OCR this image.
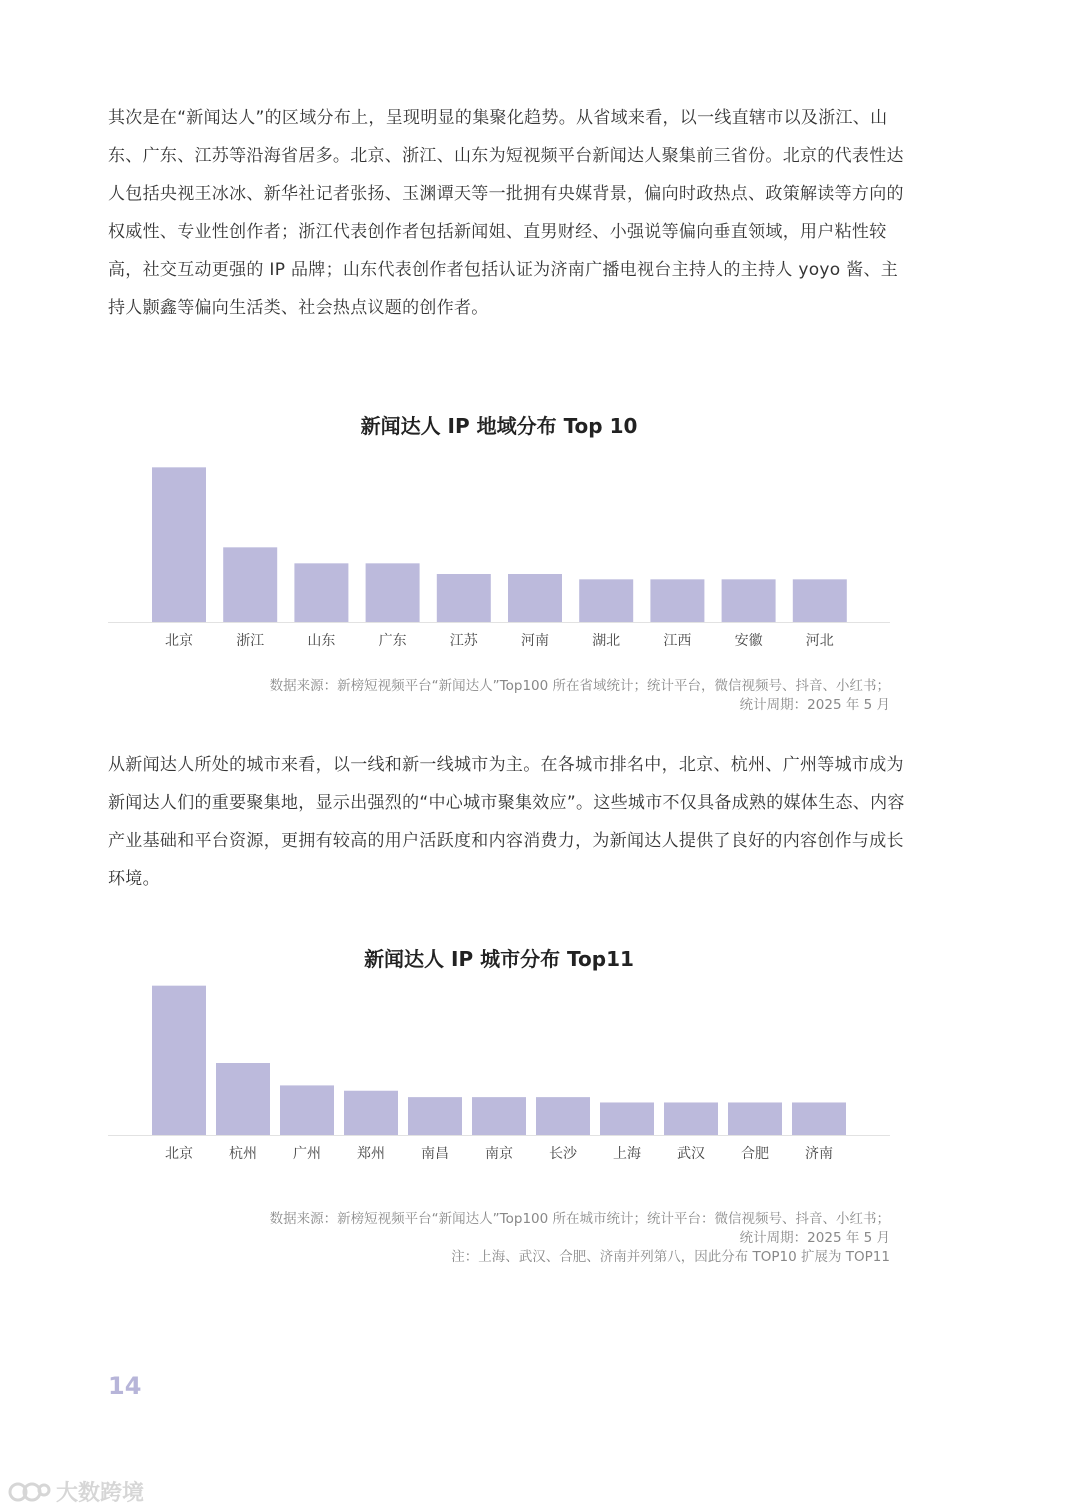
其次是在“新闻达人”的区域分布上，呈现明显的集聚化趋势。从省域来看，以一线直辖市以及浙江、山东、广东、江苏等沿海省居多。北京、浙江、山东为短视频平台新闻达人聚集前三省份。北京的代表性达人包括央视王冰冰、新华社记者张扬、玉渊谭天等一批拥有央媒背景，偏向时政热点、政策解读等方向的权威性、专业性创作者；浙江代表创作者包括新闻姐、直男财经、小强说等偏向垂直领域，用户粘性较高，社交互动更强的 IP 品牌；山东代表创作者包括认证为济南广播电视台主持人的主持人 yoyo 酱、主持人颢鑫等偏向生活类、社会热点议题的创作者。

新闻达人 IP 地域分布 Top 10
北京	浙江	山东	广东	江苏	河南	湖北	江西	安徽	河北
数据来源：新榜短视频平台“新闻达人”Top100 所在省域统计；统计平台，微信视频号、抖音、小红书；
统计周期：2025 年 5 月

从新闻达人所处的城市来看，以一线和新一线城市为主。在各城市排名中，北京、杭州、广州等城市成为新闻达人们的重要聚集地，显示出强烈的“中心城市聚集效应”。这些城市不仅具备成熟的媒体生态、内容产业基础和平台资源，更拥有较高的用户活跃度和内容消费力，为新闻达人提供了良好的内容创作与成长环境。

新闻达人 IP 城市分布 Top11
北京	杭州	广州	郑州	南昌	南京	长沙	上海	武汉	合肥	济南
数据来源：新榜短视频平台“新闻达人”Top100 所在城市统计；统计平台：微信视频号、抖音、小红书；
统计周期：2025 年 5 月
注：上海、武汉、合肥、济南并列第八，因此分布 TOP10 扩展为 TOP11
14
大数跨境
